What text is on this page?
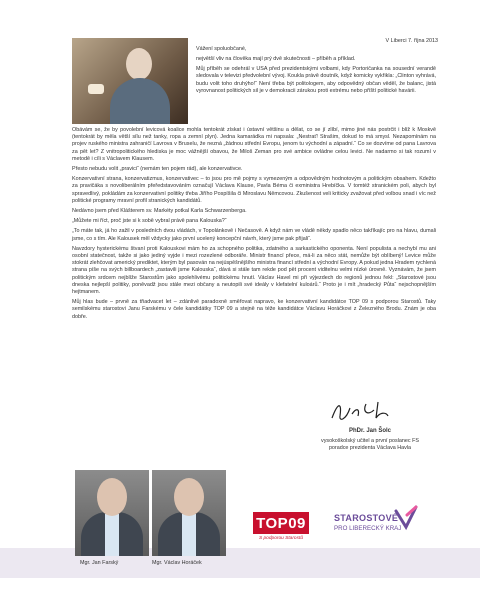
V Liberci 7. října 2013

Vážení spoluobčané,

největší vliv na člověka mají prý dvě skutečnosti – příběh a příklad.

Můj příběh se odehrál v USA před prezidentskými volbami, kdy Portoričanka na sousední verandě sledovala v televizi předvolební vývoj. Koukla právě doutník, když komicky vykřikla: „Clinton vyhrává, budu volit toho druhýho!“ Není třeba být politologem, aby odpovědný občan věděl, že balanc, jistá vyrovnanost politických sil je v demokracii zárukou proti extrému nebo příští politické havárii.

Obávám se, že by povolební levicová koalice mohla tentokrát získat i ústavní většinu a dělat, co se jí zlíbí, mimo jiné nás postrčit i blíž k Moskvě (tentokrát by měla větší sílu než tanky, ropa a zemní plyn). Jedna kamarádka mi napsala: „Nestrať! Strašim, dokud to má smysl. Nezapomínám na projev ruského ministra zahraničí Lavrova v Bruselu, že nezná „žádnou střední Evropu, jenom tu východní a západní.“ Co se dozvíme od pana Lavrova za pět let? Z vnitropolitického hlediska je moc vážnější obavou, že Miloš Zeman pro své ambice ovládne celou levici. Ne nadarmo si tak rozumí v metodě i cíli s Václavem Klausem.

Přesto nebudu volit „pravici“ (nemám ten pojem rád), ale konzervativce.

Konzervativní strana, konzervatizmus, konzervativec – to jsou pro mě pojmy s vymezeným a odpovědným hodnotovým a politickým obsahem. Kdežto za pravičáka s novoliberálním přeředstavováním označují Václava Klause, Pavla Béma či exministra Hrebíčka. V tomtéž stranickém poli, abych byl spravedlivý, pokládám za konzervativní politiky třeba Jiřího Pospíšila či Miroslavu Němcovou. Zkušenost veli kriticky zvažovat před volbou snad i víc než politické programy mravní profil stranických kandidátů.

Nedávno jsem před Klášterem sv. Markéty potkal Karla Schwarzenberga.

„Můžete mi říct, proč jste si k sobě vybral právě pana Kalouska?“

„To máte tak, já ho zažil v posledních dvou vládách, v Topolánkově i Nečasově. A když nám ve vládě někdy spadlo něco takříkajíc pro na hlavu, dumali jsme, co s tím. Ale Kalousek měl vždycky jako první ucelený koncepční návrh, který jsme pak přijali“.

Navzdory hysterickému štvaní proti Kalouskovi mám ho za schopného politika, zdatného a sarkastického oponenta. Není populista a nechybí mu ani osobní statečnost, takže si jako jediný vyjde i mezi rozezlené odboráře. Ministr financí přece, má-li za něco stát, nemůže být oblíbený! Levice může stokrát zlehčovat americký prediktet, kterým byl pasován na nejúspěšnějšího ministra financí střední a východní Evropy. A pokud jedna Hradem rychlená strana píše na svých billboardech „zastavili jsme Kalouska“, dává si stále tam rekde pod pět procent viditelnu velmi nízké úrovně. Vyznávám, že jsem politickým srdcem nejblíže Starostům jako spolehlivému politickému hnutí. Václav Havel mi při výjezdech do regionů jednou řekl: „Starostové jsou dneska nejlepší politiky, poněvadž jsou stále mezi občany a neutopili své ideály v klefatelní kuloárů.“ Proto je i mít „hradecký Půta“ nejschopnějším hejtmanem.

Můj hlas bude – prvně za třiadvacet let – zdánlivě paradoxně směřovat napravo, ke konzervativní kandidátce TOP 09 s podporou Starostů. Taky semilskému starostovi Janu Farskému v čele kandidátky TOP 09 a stejně na téže kandidátce Václavu Horáčkovi z Železného Brodu. Znám je oba dobře.

PhDr. Jan Šolc
vysokoškolský učitel a první poslanec FS
poradce prezidenta Václava Havla
Mgr. Jan Farský	Mgr. Václav Horáček
TOP09
S podporou Starostů
STAROSTOVÉ
PRO LIBERECKÝ KRAJ
